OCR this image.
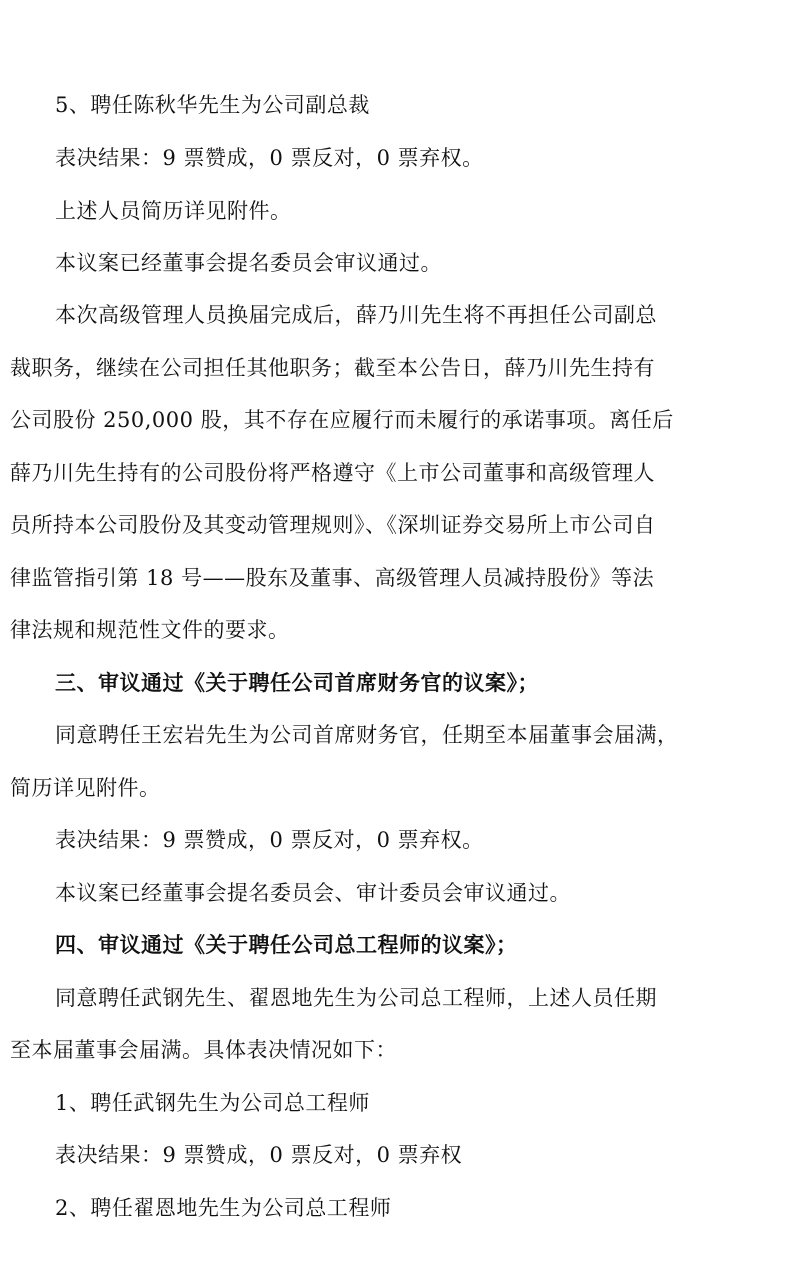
5、聘任陈秋华先生为公司副总裁
表决结果：9 票赞成，0 票反对，0 票弃权。
上述人员简历详见附件。
本议案已经董事会提名委员会审议通过。
本次高级管理人员换届完成后，薛乃川先生将不再担任公司副总
裁职务，继续在公司担任其他职务；截至本公告日，薛乃川先生持有
公司股份 250,000 股，其不存在应履行而未履行的承诺事项。离任后
薛乃川先生持有的公司股份将严格遵守《上市公司董事和高级管理人
员所持本公司股份及其变动管理规则》、《深圳证券交易所上市公司自
律监管指引第 18 号——股东及董事、高级管理人员减持股份》等法
律法规和规范性文件的要求。
三、审议通过《关于聘任公司首席财务官的议案》；
同意聘任王宏岩先生为公司首席财务官，任期至本届董事会届满，
简历详见附件。
表决结果：9 票赞成，0 票反对，0 票弃权。
本议案已经董事会提名委员会、审计委员会审议通过。
四、审议通过《关于聘任公司总工程师的议案》；
同意聘任武钢先生、翟恩地先生为公司总工程师，上述人员任期
至本届董事会届满。具体表决情况如下：
1、聘任武钢先生为公司总工程师
表决结果：9 票赞成，0 票反对，0 票弃权
2、聘任翟恩地先生为公司总工程师
